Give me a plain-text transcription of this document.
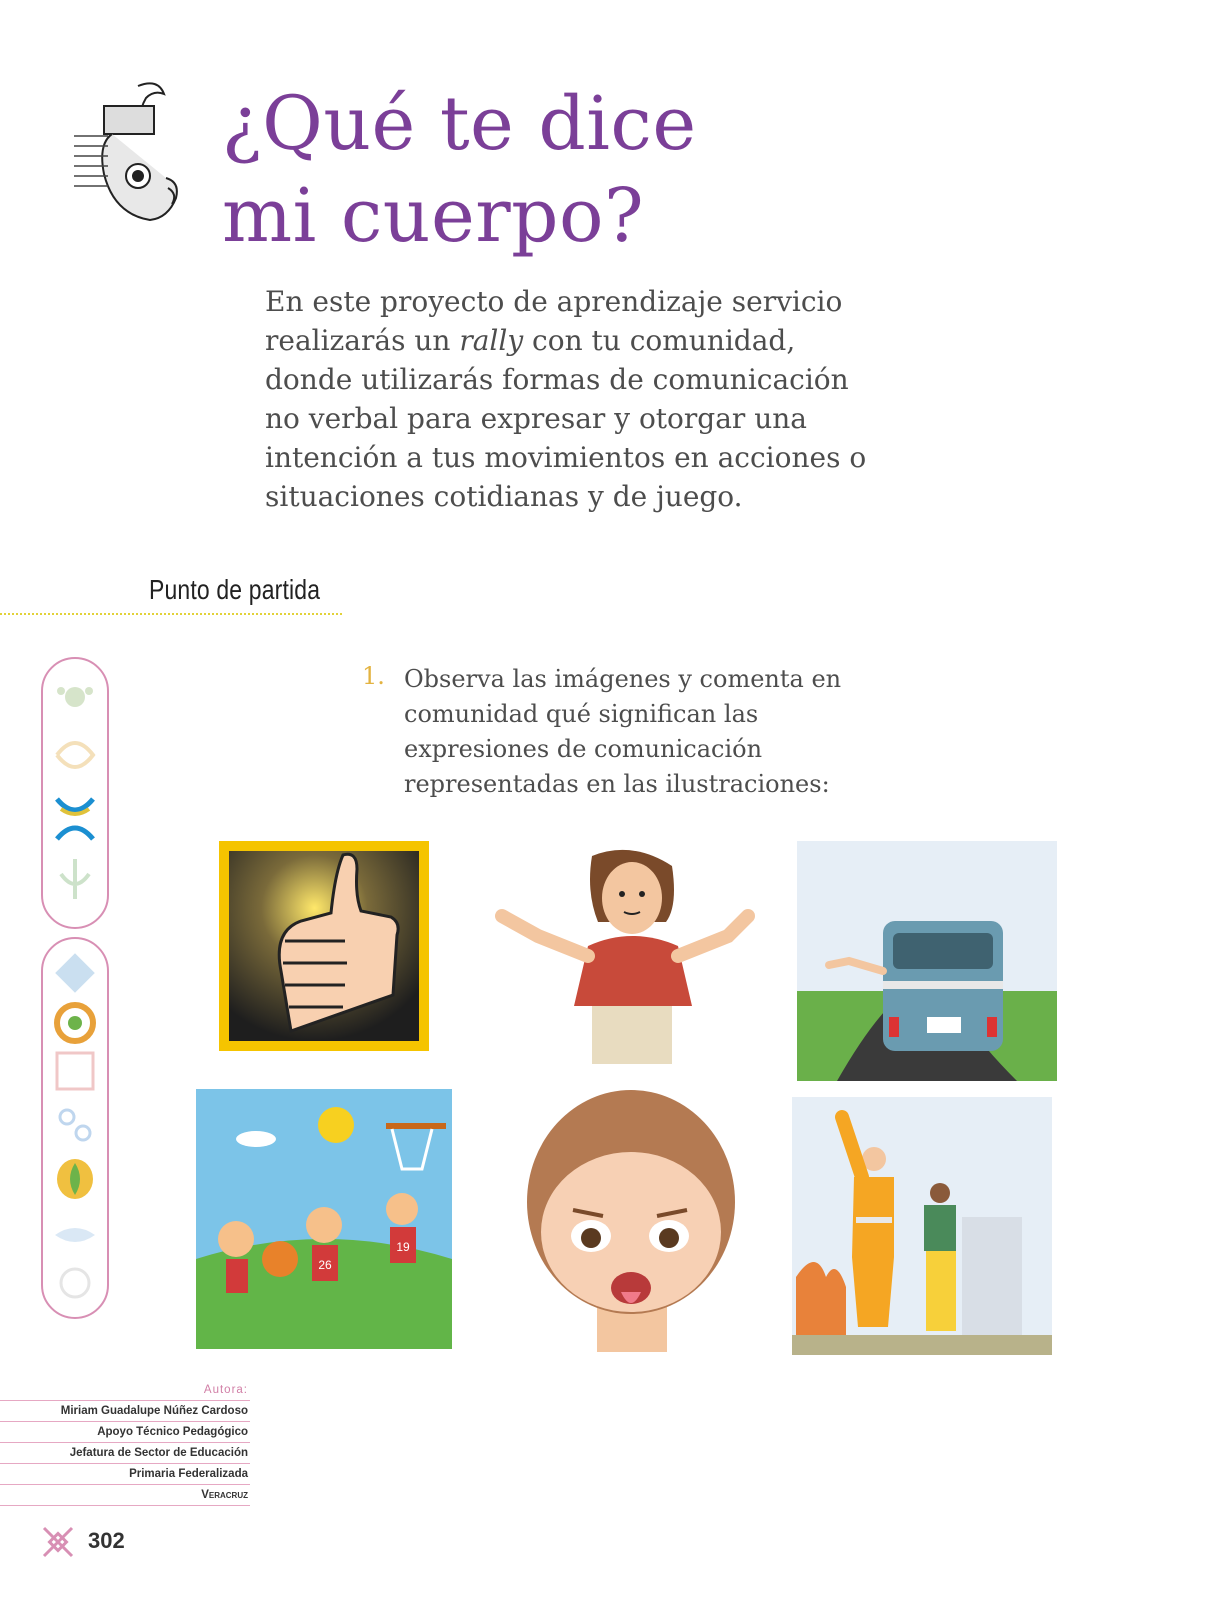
¿Qué te dice
mi cuerpo?

En este proyecto de aprendizaje servicio realizarás un rally con tu comunidad, donde utilizarás formas de comunicación no verbal para expresar y otorgar una intención a tus movimientos en acciones o situaciones cotidianas y de juego.

Punto de partida
1. Observa las imágenes y comenta en comunidad qué significan las expresiones de comunicación representadas en las ilustraciones:
26
19
Autora:
Miriam Guadalupe Núñez Cardoso
Apoyo Técnico Pedagógico
Jefatura de Sector de Educación
Primaria Federalizada
Veracruz
302
